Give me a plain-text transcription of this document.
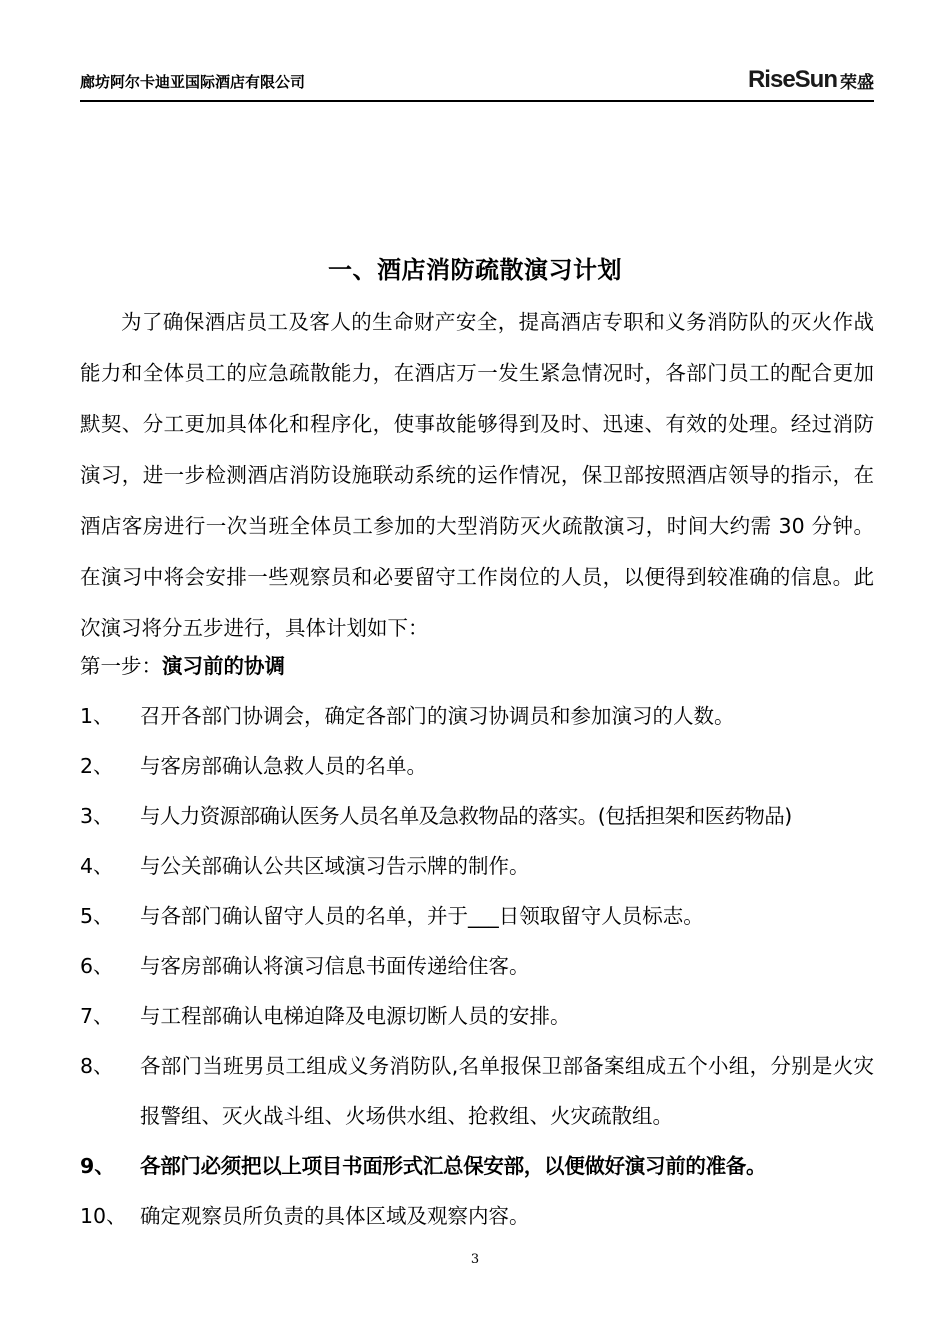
廊坊阿尔卡迪亚国际酒店有限公司	RiseSun 荣盛
一、酒店消防疏散演习计划
为了确保酒店员工及客人的生命财产安全，提高酒店专职和义务消防队的灭火作战能力和全体员工的应急疏散能力，在酒店万一发生紧急情况时，各部门员工的配合更加默契、分工更加具体化和程序化，使事故能够得到及时、迅速、有效的处理。经过消防演习，进一步检测酒店消防设施联动系统的运作情况，保卫部按照酒店领导的指示，在酒店客房进行一次当班全体员工参加的大型消防灭火疏散演习，时间大约需 30 分钟。在演习中将会安排一些观察员和必要留守工作岗位的人员，以便得到较准确的信息。此次演习将分五步进行，具体计划如下：
第一步：演习前的协调
1、	召开各部门协调会，确定各部门的演习协调员和参加演习的人数。
2、	与客房部确认急救人员的名单。
3、	与人力资源部确认医务人员名单及急救物品的落实。(包括担架和医药物品)
4、	与公关部确认公共区域演习告示牌的制作。
5、	与各部门确认留守人员的名单，并于___日领取留守人员标志。
6、	与客房部确认将演习信息书面传递给住客。
7、	与工程部确认电梯迫降及电源切断人员的安排。
8、	各部门当班男员工组成义务消防队,名单报保卫部备案组成五个小组，分别是火灾报警组、灭火战斗组、火场供水组、抢救组、火灾疏散组。
9、	各部门必须把以上项目书面形式汇总保安部，以便做好演习前的准备。
10、 确定观察员所负责的具体区域及观察内容。
3
